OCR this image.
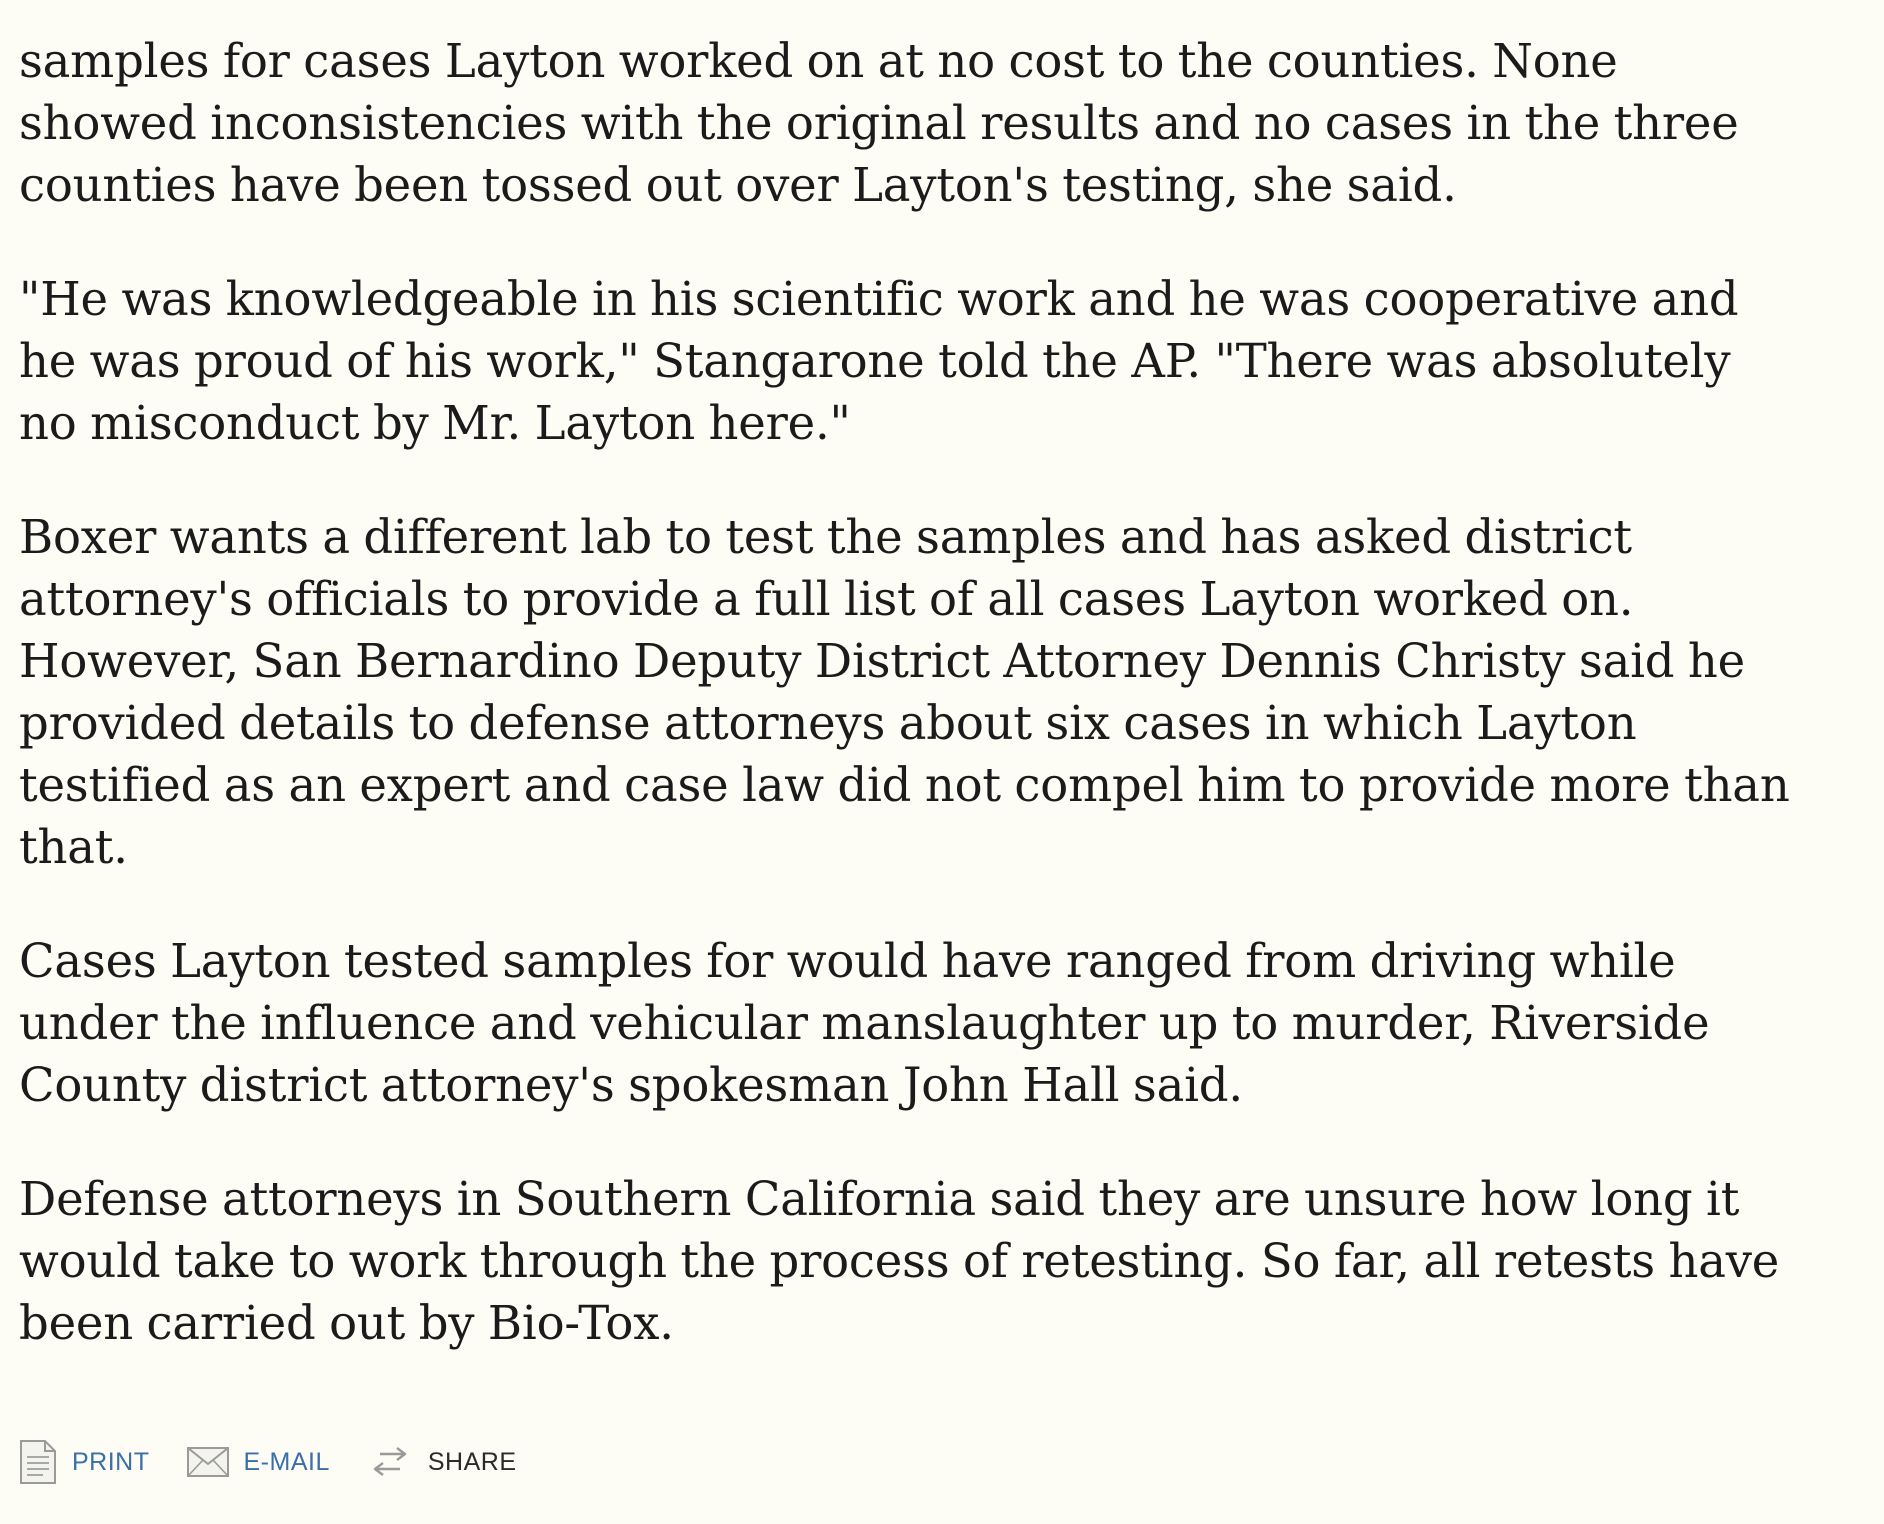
samples for cases Layton worked on at no cost to the counties. None
showed inconsistencies with the original results and no cases in the three
counties have been tossed out over Layton's testing, she said.

"He was knowledgeable in his scientific work and he was cooperative and
he was proud of his work," Stangarone told the AP. "There was absolutely
no misconduct by Mr. Layton here."

Boxer wants a different lab to test the samples and has asked district
attorney's officials to provide a full list of all cases Layton worked on.
However, San Bernardino Deputy District Attorney Dennis Christy said he
provided details to defense attorneys about six cases in which Layton
testified as an expert and case law did not compel him to provide more than
that.

Cases Layton tested samples for would have ranged from driving while
under the influence and vehicular manslaughter up to murder, Riverside
County district attorney's spokesman John Hall said.

Defense attorneys in Southern California said they are unsure how long it
would take to work through the process of retesting. So far, all retests have
been carried out by Bio-Tox.

PRINT	E-MAIL	SHARE
